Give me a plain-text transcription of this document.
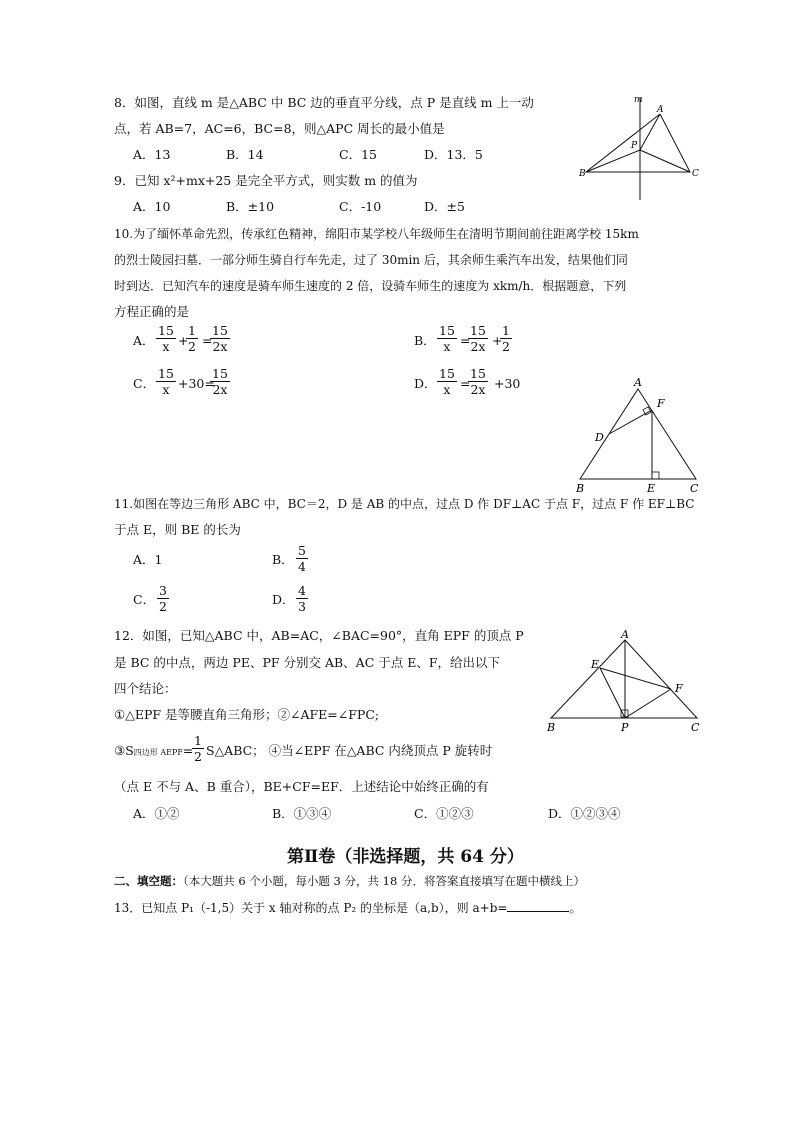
8．如图，直线 m 是△ABC 中 BC 边的垂直平分线，点 P 是直线 m 上一动
点，若 AB=7，AC=6，BC=8，则△APC 周长的最小值是
A．13	B．14	C．15	D．13．5
m
A
P
B	C
9．已知 x²+mx+25 是完全平方式，则实数 m 的值为
A．10	B．±10	C．-10	D．±5
10.为了缅怀革命先烈，传承红色精神，绵阳市某学校八年级师生在清明节期间前往距离学校 15km
的烈士陵园扫墓．一部分师生骑自行车先走，过了 30min 后，其余师生乘汽车出发，结果他们同
时到达．已知汽车的速度是骑车师生速度的 2 倍，设骑车师生的速度为 xkm/h．根据题意，下列
方程正确的是
A． $\frac{15}{x}$ +
$\frac{1}{2}$ =
$\frac{15}{2x}$	B． $\frac{15}{x}$ =
$\frac{15}{2x}$ +
$\frac{1}{2}$
C． $\frac{15}{x} +30=$
$\frac{15}{2x}$	D． $\frac{15}{x}$ =
$\frac{15}{2x} +30$	A
F
D
B	E	C
11.如图在等边三角形 ABC 中，BC＝2，D 是 AB 的中点，过点 D 作 DF⊥AC 于点 F，过点 F 作 EF⊥BC
于点 E，则 BE 的长为
A．1	B． $\frac{5}{4}$
C． $\frac{3}{2}$	D． $\frac{4}{3}$
A
E
F
B	P	C
12．如图，已知△ABC 中，AB=AC，∠BAC=90°，直角 EPF 的顶点 P
是 BC 的中点，两边 PE、PF 分别交 AB、AC 于点 E、F，给出以下
四个结论：
①△EPF 是等腰直角三角形；②∠AFE=∠FPC;
③S四边形 AEPF=
$\frac{1}{2}$ S△ABC； ④当∠EPF 在△ABC 内绕顶点 P 旋转时
（点 E 不与 A、B 重合），BE+CF=EF．上述结论中始终正确的有
A．①②	B．①③④	C．①②③	D．①②③④
第Ⅱ卷（非选择题，共 64 分）
二、填空题：（本大题共 6 个小题，每小题 3 分，共 18 分．将答案直接填写在题中横线上）
13．已知点 P₁（-1,5）关于 x 轴对称的点 P₂ 的坐标是（a,b），则 a+b=	。
